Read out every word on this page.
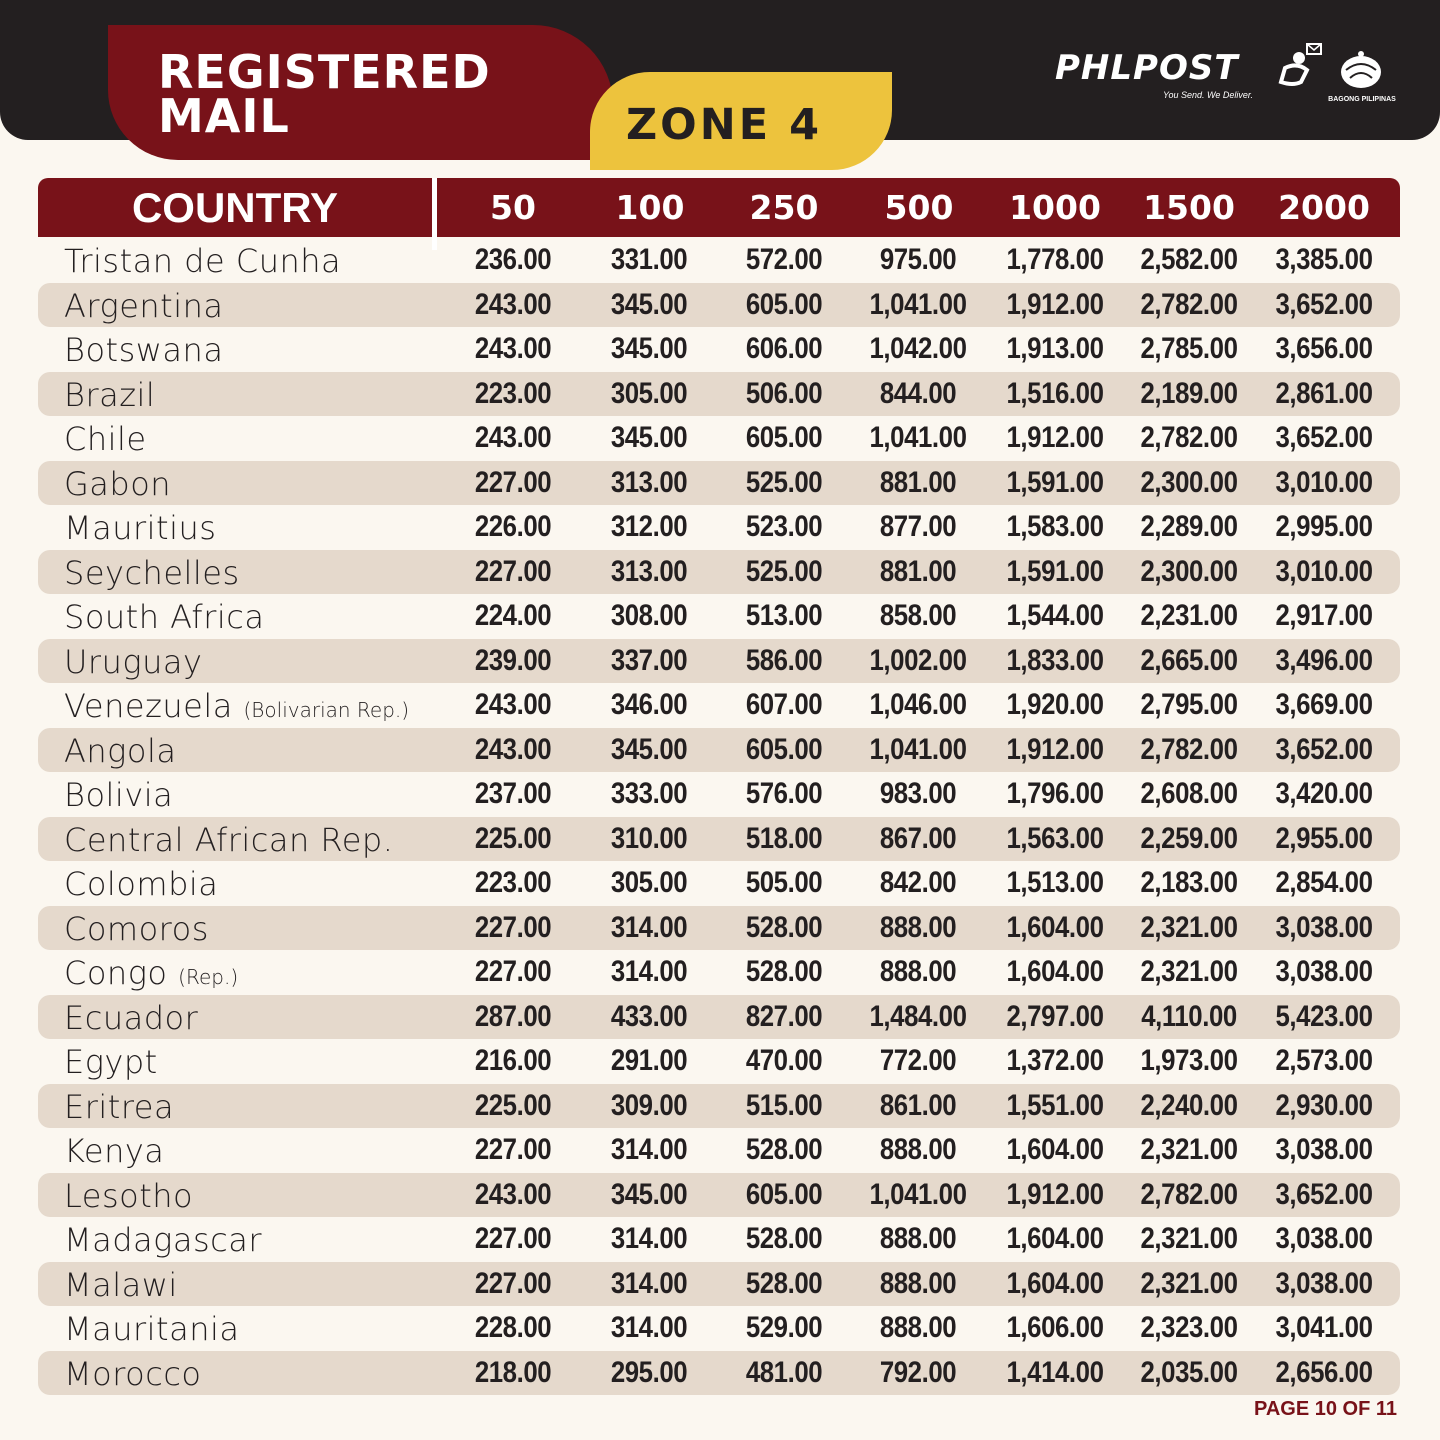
REGISTERED
MAIL	ZONE 4
PHLPOST
You Send. We Deliver.	BAGONG PILIPINAS
COUNTRY	50	100	250	500	1000	1500	2000
Tristan de Cunha	236.00	331.00	572.00	975.00	1,778.00 2,582.00 3,385.00
Argentina	243.00	345.00	605.00	1,041.00 1,912.00 2,782.00 3,652.00
Botswana	243.00	345.00	606.00	1,042.00 1,913.00 2,785.00 3,656.00
Brazil	223.00	305.00	506.00	844.00	1,516.00 2,189.00 2,861.00
Chile	243.00	345.00	605.00	1,041.00 1,912.00 2,782.00 3,652.00
Gabon	227.00	313.00	525.00	881.00	1,591.00 2,300.00 3,010.00
Mauritius	226.00	312.00	523.00	877.00	1,583.00 2,289.00 2,995.00
Seychelles	227.00	313.00	525.00	881.00	1,591.00 2,300.00 3,010.00
South Africa	224.00	308.00	513.00	858.00	1,544.00 2,231.00 2,917.00
Uruguay	239.00	337.00	586.00	1,002.00 1,833.00 2,665.00 3,496.00
Venezuela (Bolivarian Rep.)	243.00	346.00	607.00	1,046.00 1,920.00 2,795.00 3,669.00
Angola	243.00	345.00	605.00	1,041.00 1,912.00 2,782.00 3,652.00
Bolivia	237.00	333.00	576.00	983.00	1,796.00 2,608.00 3,420.00
Central African Rep.	225.00	310.00	518.00	867.00	1,563.00 2,259.00 2,955.00
Colombia	223.00	305.00	505.00	842.00	1,513.00 2,183.00 2,854.00
Comoros	227.00	314.00	528.00	888.00	1,604.00 2,321.00 3,038.00
Congo (Rep.)	227.00	314.00	528.00	888.00	1,604.00 2,321.00 3,038.00
Ecuador	287.00	433.00	827.00	1,484.00 2,797.00 4,110.00 5,423.00
Egypt	216.00	291.00	470.00	772.00	1,372.00 1,973.00 2,573.00
Eritrea	225.00	309.00	515.00	861.00	1,551.00 2,240.00 2,930.00
Kenya	227.00	314.00	528.00	888.00	1,604.00 2,321.00 3,038.00
Lesotho	243.00	345.00	605.00	1,041.00 1,912.00 2,782.00 3,652.00
Madagascar	227.00	314.00	528.00	888.00	1,604.00 2,321.00 3,038.00
Malawi	227.00	314.00	528.00	888.00	1,604.00 2,321.00 3,038.00
Mauritania	228.00	314.00	529.00	888.00	1,606.00 2,323.00 3,041.00
Morocco	218.00	295.00	481.00	792.00	1,414.00 2,035.00 2,656.00
PAGE 10 OF 11
